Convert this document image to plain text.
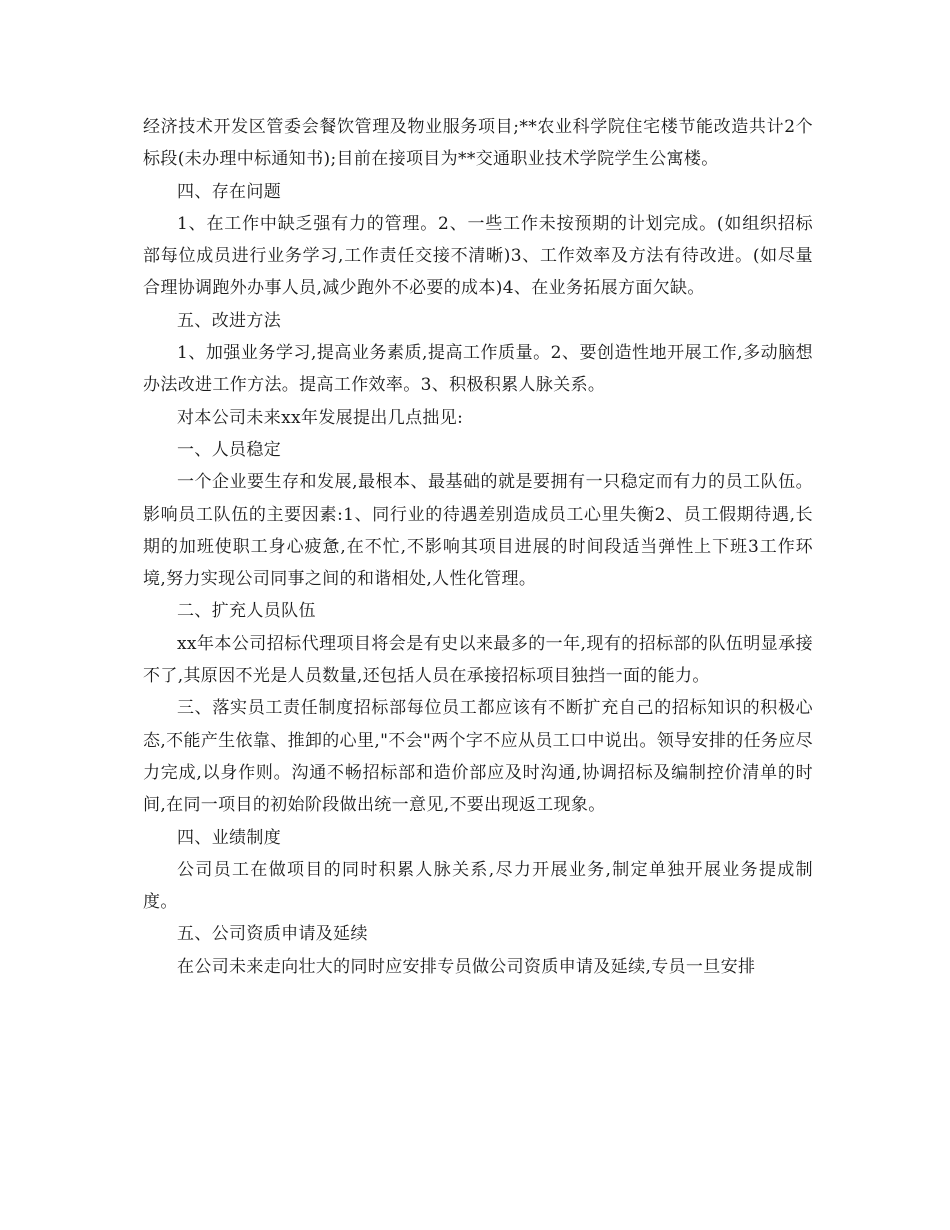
经济技术开发区管委会餐饮管理及物业服务项目;**农业科学院住宅楼节能改造共计2个标段(未办理中标通知书);目前在接项目为**交通职业技术学院学生公寓楼。

四、存在问题

1、在工作中缺乏强有力的管理。2、一些工作未按预期的计划完成。(如组织招标部每位成员进行业务学习,工作责任交接不清晰)3、工作效率及方法有待改进。(如尽量合理协调跑外办事人员,减少跑外不必要的成本)4、在业务拓展方面欠缺。

五、改进方法

1、加强业务学习,提高业务素质,提高工作质量。2、要创造性地开展工作,多动脑想办法改进工作方法。提高工作效率。3、积极积累人脉关系。

对本公司未来xx年发展提出几点拙见:

一、人员稳定

一个企业要生存和发展,最根本、最基础的就是要拥有一只稳定而有力的员工队伍。影响员工队伍的主要因素:1、同行业的待遇差别造成员工心里失衡2、员工假期待遇,长期的加班使职工身心疲惫,在不忙,不影响其项目进展的时间段适当弹性上下班3工作环境,努力实现公司同事之间的和谐相处,人性化管理。

二、扩充人员队伍

xx年本公司招标代理项目将会是有史以来最多的一年,现有的招标部的队伍明显承接不了,其原因不光是人员数量,还包括人员在承接招标项目独挡一面的能力。

三、落实员工责任制度招标部每位员工都应该有不断扩充自己的招标知识的积极心态,不能产生依靠、推卸的心里,"不会"两个字不应从员工口中说出。领导安排的任务应尽力完成,以身作则。沟通不畅招标部和造价部应及时沟通,协调招标及编制控价清单的时间,在同一项目的初始阶段做出统一意见,不要出现返工现象。

四、业绩制度

公司员工在做项目的同时积累人脉关系,尽力开展业务,制定单独开展业务提成制度。

五、公司资质申请及延续

在公司未来走向壮大的同时应安排专员做公司资质申请及延续,专员一旦安排
